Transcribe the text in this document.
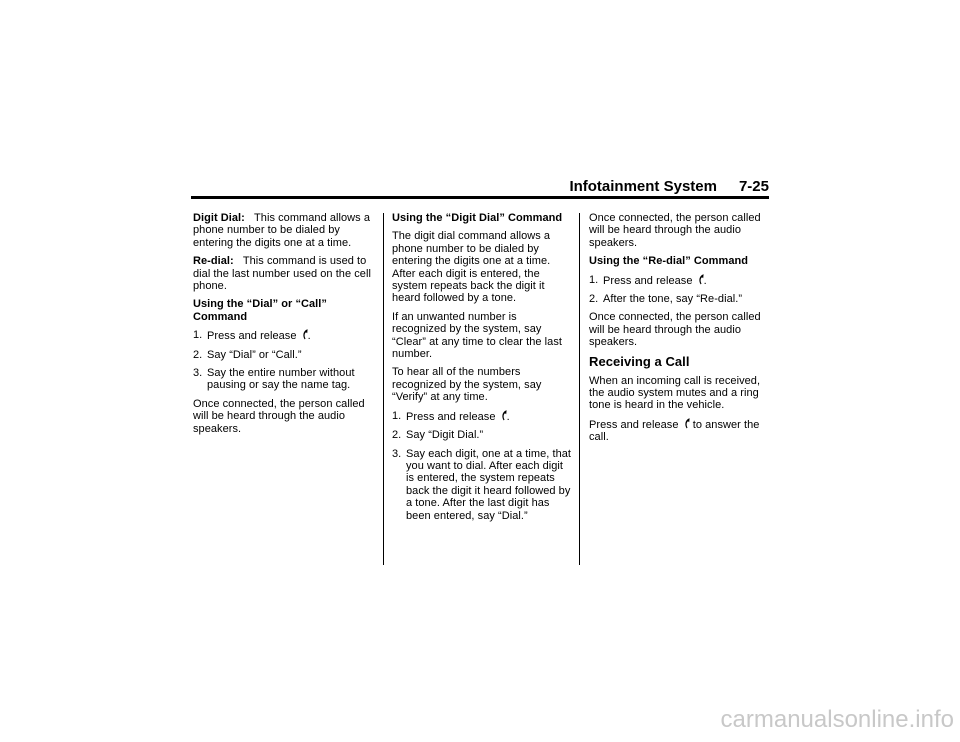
Infotainment System 7-25

Digit Dial: This command allows a phone number to be dialed by entering the digits one at a time.

Re-dial: This command is used to dial the last number used on the cell phone.

Using the “Dial” or “Call” Command
1. Press and release .
2. Say “Dial” or “Call.”
3. Say the entire number without pausing or say the name tag.

Once connected, the person called will be heard through the audio speakers.

Using the “Digit Dial” Command

The digit dial command allows a phone number to be dialed by entering the digits one at a time. After each digit is entered, the system repeats back the digit it heard followed by a tone.

If an unwanted number is recognized by the system, say “Clear” at any time to clear the last number.

To hear all of the numbers recognized by the system, say “Verify” at any time.

1. Press and release .
2. Say “Digit Dial.”
3. Say each digit, one at a time, that you want to dial. After each digit is entered, the system repeats back the digit it heard followed by a tone. After the last digit has been entered, say “Dial.”

Once connected, the person called will be heard through the audio speakers.

Using the “Re-dial” Command
1. Press and release .
2. After the tone, say “Re-dial.”

Once connected, the person called will be heard through the audio speakers.

Receiving a Call

When an incoming call is received, the audio system mutes and a ring tone is heard in the vehicle.

Press and release to answer the call.

carmanualsonline.info
